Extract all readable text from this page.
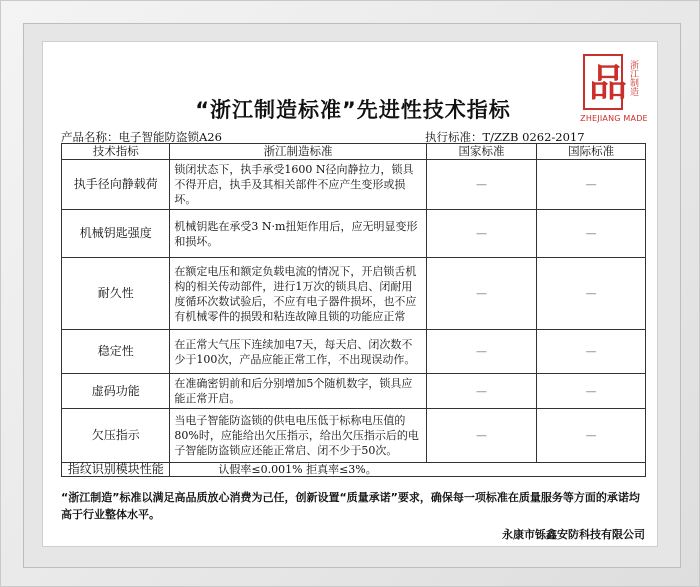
品 浙江制造
ZHEJIANG MADE
“浙江制造标准”先进性技术指标
产品名称：电子智能防盗锁A26	执行标准：T/ZZB 0262-2017
技术指标	浙江制造标准	国家标准	国际标准
执手径向静载荷	锁闭状态下，执手承受1600 N径向静拉力，锁具不得开启，执手及其相关部件不应产生变形或损坏。	—	—
机械钥匙强度	机械钥匙在承受3 N·m扭矩作用后，应无明显变形和损坏。	—	—
耐久性	在额定电压和额定负载电流的情况下，开启锁舌机构的相关传动部件，进行1万次的锁具启、闭耐用度循环次数试验后，不应有电子器件损坏，也不应有机械零件的损毁和粘连故障且锁的功能应正常	—	—
稳定性	在正常大气压下连续加电7天，每天启、闭次数不少于100次，产品应能正常工作，不出现误动作。	—	—
虚码功能	在准确密钥前和后分别增加5个随机数字，锁具应能正常开启。	—	—
欠压指示	当电子智能防盗锁的供电电压低于标称电压值的80%时，应能给出欠压指示，给出欠压指示后的电子智能防盗锁应还能正常启、闭不少于50次。	—	—
指纹识别模块性能	认假率≤0.001% 拒真率≤3%。		
“浙江制造”标准以满足高品质放心消费为己任，创新设置“质量承诺”要求，确保每一项标准在质量服务等方面的承诺均高于行业整体水平。
永康市铄鑫安防科技有限公司
